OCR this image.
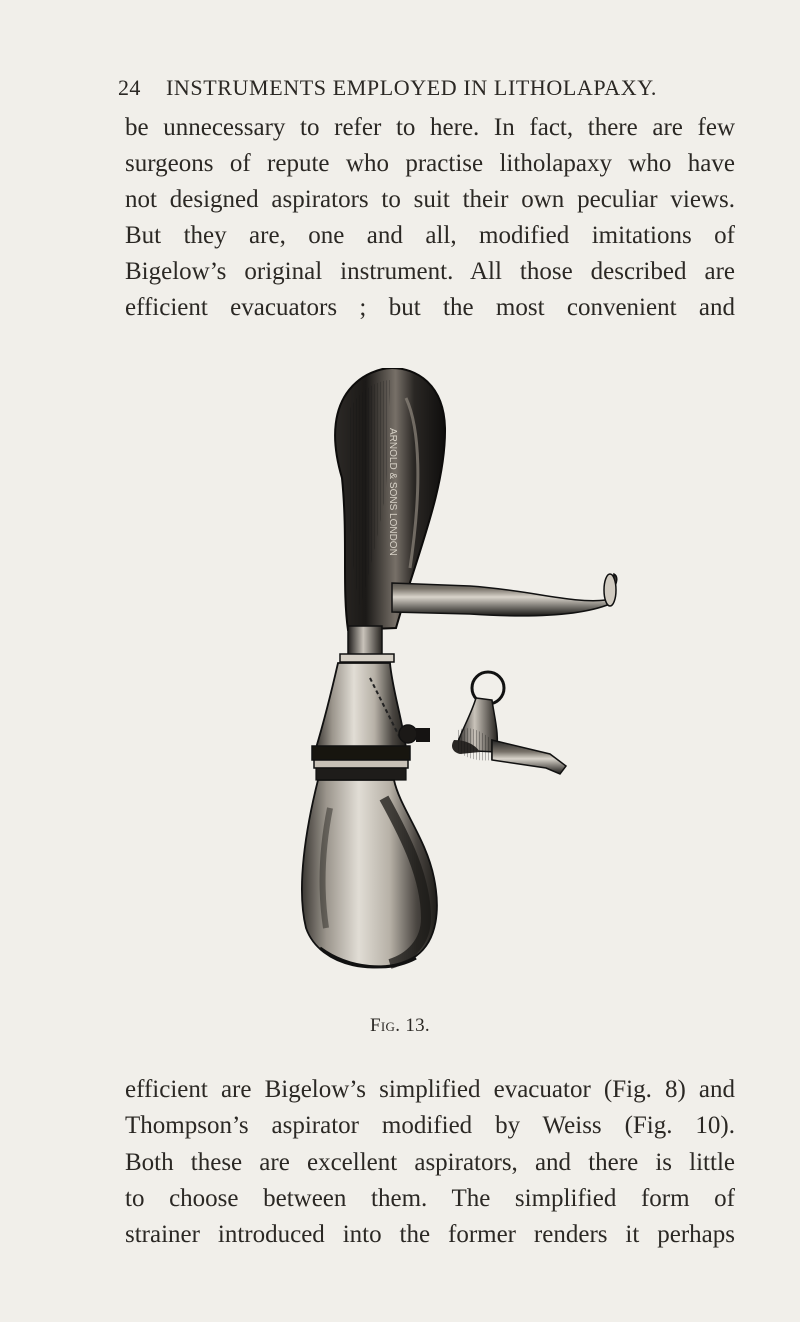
24 INSTRUMENTS EMPLOYED IN LITHOLAPAXY.
be unnecessary to refer to here. In fact, there are few
surgeons of repute who practise litholapaxy who have
not designed aspirators to suit their own peculiar views.
But they are, one and all, modified imitations of
Bigelow’s original instrument. All those described are
efficient evacuators ; but the most convenient and
ARNOLD & SONS LONDON
Fig. 13.
efficient are Bigelow’s simplified evacuator (Fig. 8) and
Thompson’s aspirator modified by Weiss (Fig. 10).
Both these are excellent aspirators, and there is little
to choose between them. The simplified form of
strainer introduced into the former renders it perhaps
